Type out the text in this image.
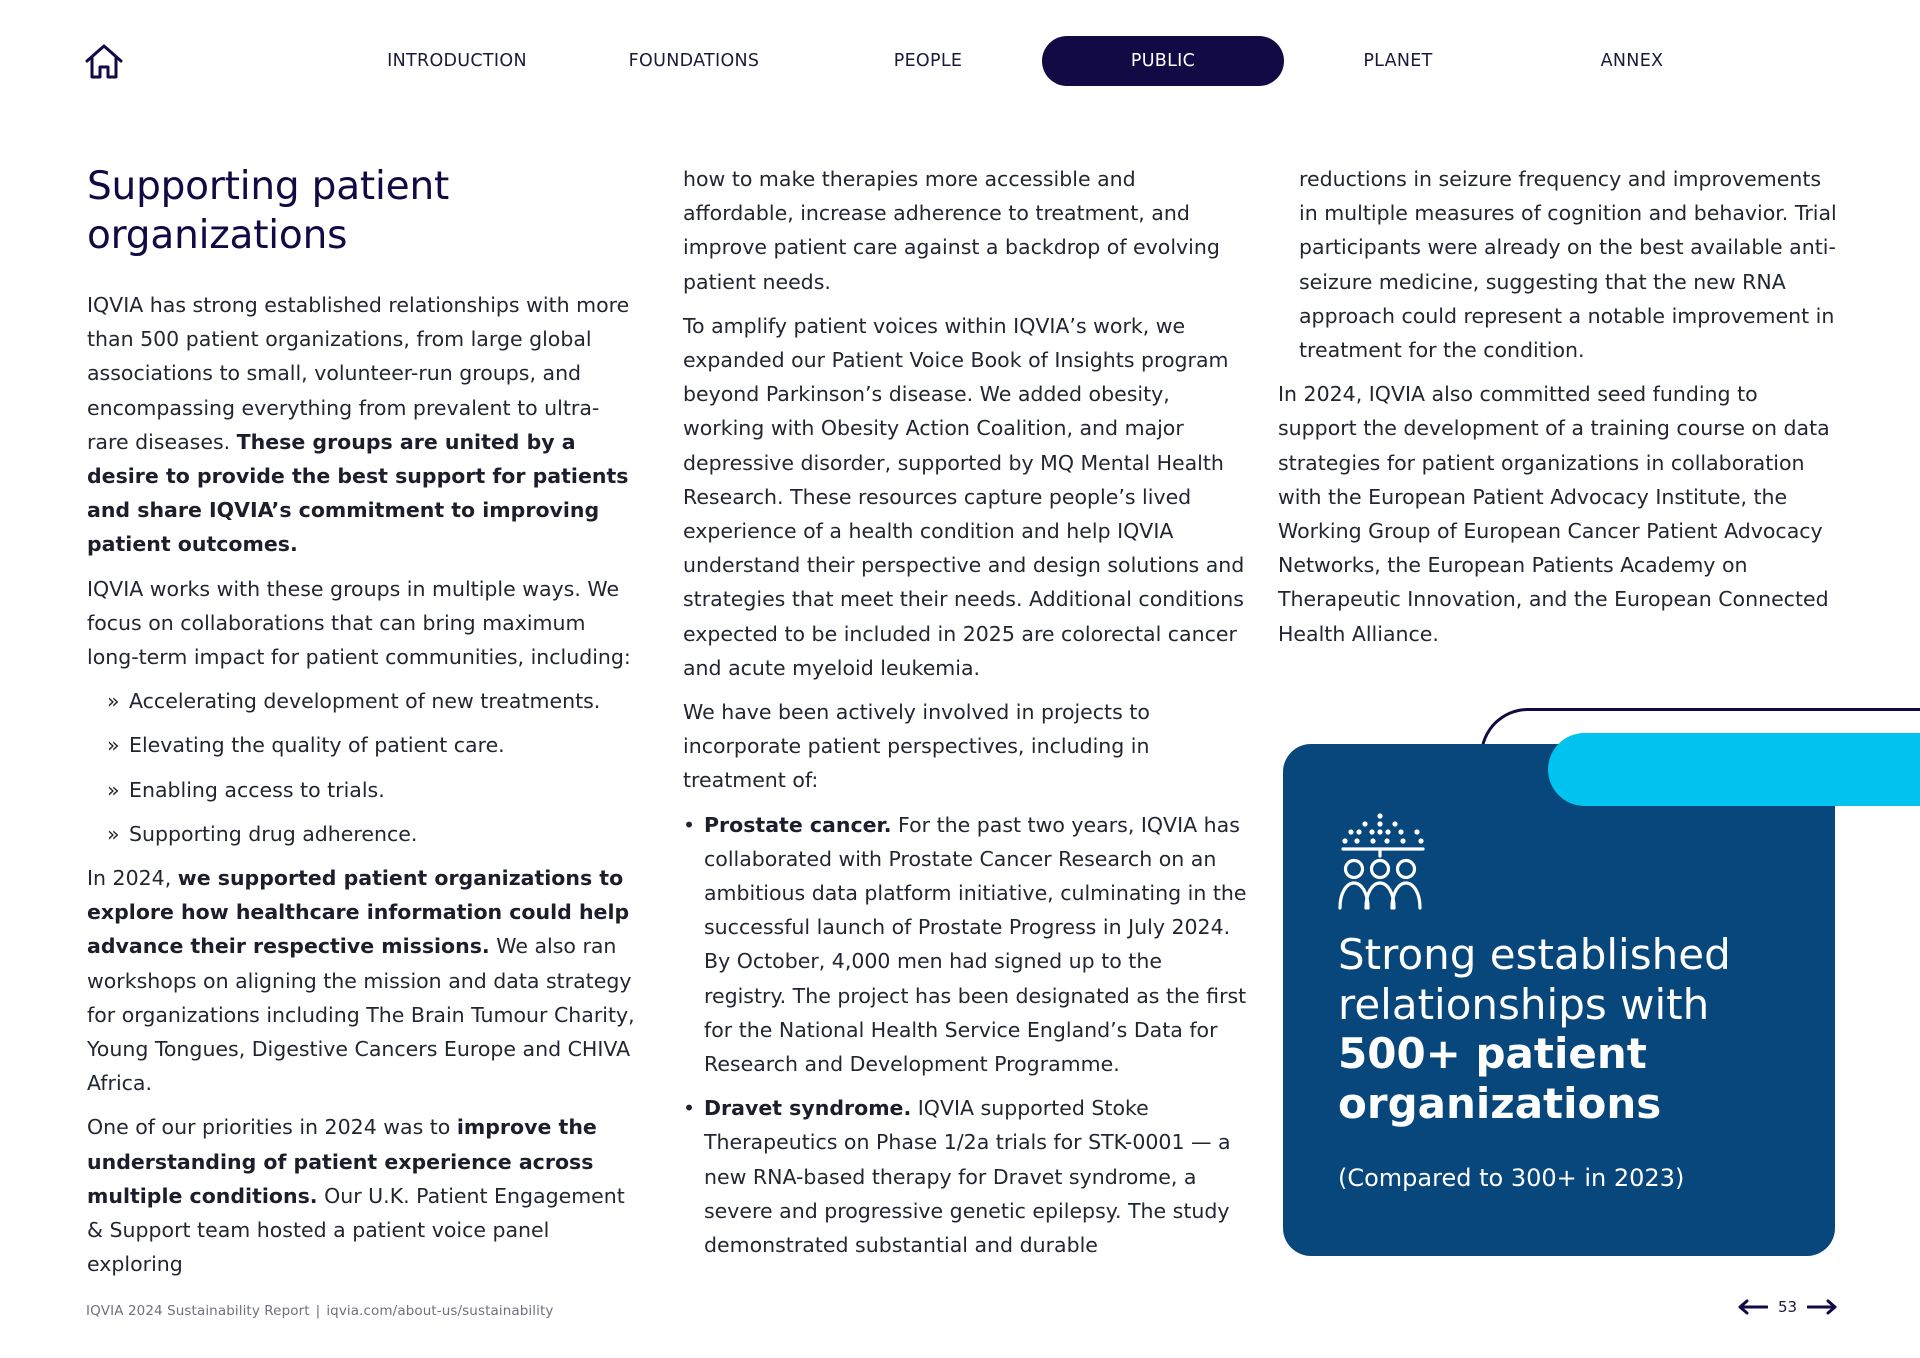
INTRODUCTION	FOUNDATIONS	PEOPLE	PUBLIC	PLANET	ANNEX
Supporting patient
organizations

IQVIA has strong established relationships with more than 500 patient organizations, from large global associations to small, volunteer-run groups, and encompassing everything from prevalent to ultra-rare diseases. These groups are united by a desire to provide the best support for patients and share IQVIA’s commitment to improving patient outcomes.

IQVIA works with these groups in multiple ways. We focus on collaborations that can bring maximum long-term impact for patient communities, including:

» Accelerating development of new treatments.
» Elevating the quality of patient care.
» Enabling access to trials.
» Supporting drug adherence.

In 2024, we supported patient organizations to explore how healthcare information could help advance their respective missions. We also ran workshops on aligning the mission and data strategy for organizations including The Brain Tumour Charity, Young Tongues, Digestive Cancers Europe and CHIVA Africa.

One of our priorities in 2024 was to improve the understanding of patient experience across multiple conditions. Our U.K. Patient Engagement & Support team hosted a patient voice panel exploring

how to make therapies more accessible and affordable, increase adherence to treatment, and improve patient care against a backdrop of evolving patient needs.

To amplify patient voices within IQVIA’s work, we expanded our Patient Voice Book of Insights program beyond Parkinson’s disease. We added obesity, working with Obesity Action Coalition, and major depressive disorder, supported by MQ Mental Health Research. These resources capture people’s lived experience of a health condition and help IQVIA understand their perspective and design solutions and strategies that meet their needs. Additional conditions expected to be included in 2025 are colorectal cancer and acute myeloid leukemia.

We have been actively involved in projects to incorporate patient perspectives, including in treatment of:

• Prostate cancer. For the past two years, IQVIA has collaborated with Prostate Cancer Research on an ambitious data platform initiative, culminating in the successful launch of Prostate Progress in July 2024. By October, 4,000 men had signed up to the registry. The project has been designated as the first for the National Health Service England’s Data for Research and Development Programme.
• Dravet syndrome. IQVIA supported Stoke Therapeutics on Phase 1/2a trials for STK-0001 — a new RNA-based therapy for Dravet syndrome, a severe and progressive genetic epilepsy. The study demonstrated substantial and durable

reductions in seizure frequency and improvements in multiple measures of cognition and behavior. Trial participants were already on the best available anti-seizure medicine, suggesting that the new RNA approach could represent a notable improvement in treatment for the condition.

In 2024, IQVIA also committed seed funding to support the development of a training course on data strategies for patient organizations in collaboration with the European Patient Advocacy Institute, the Working Group of European Cancer Patient Advocacy Networks, the European Patients Academy on Therapeutic Innovation, and the European Connected Health Alliance.

Strong established
relationships with
500+ patient
organizations
(Compared to 300+ in 2023)
IQVIA 2024 Sustainability Report | iqvia.com/about-us/sustainability	53
